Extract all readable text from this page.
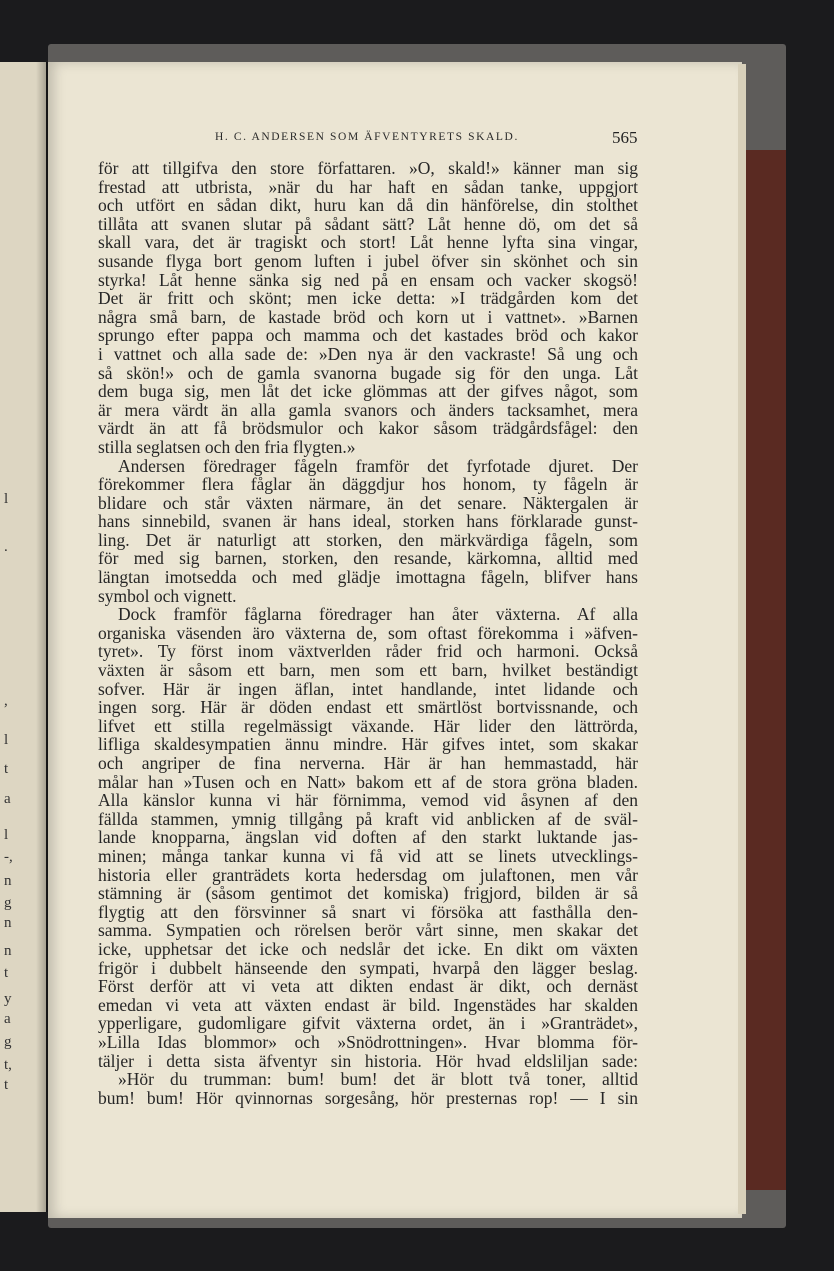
l
.
,
l
t
a
l
-,
n
g
n
n
t
y
a
g
t,
t
H. C. ANDERSEN SOM ÄFVENTYRETS SKALD.	565
för att tillgifva den store författaren. »O, skald!» känner man sig
frestad att utbrista, »när du har haft en sådan tanke, uppgjort
och utfört en sådan dikt, huru kan då din hänförelse, din stolthet
tillåta att svanen slutar på sådant sätt? Låt henne dö, om det så
skall vara, det är tragiskt och stort! Låt henne lyfta sina vingar,
susande flyga bort genom luften i jubel öfver sin skönhet och sin
styrka! Låt henne sänka sig ned på en ensam och vacker skogsö!
Det är fritt och skönt; men icke detta: »I trädgården kom det
några små barn, de kastade bröd och korn ut i vattnet». »Barnen
sprungo efter pappa och mamma och det kastades bröd och kakor
i vattnet och alla sade de: »Den nya är den vackraste! Så ung och
så skön!» och de gamla svanorna bugade sig för den unga. Låt
dem buga sig, men låt det icke glömmas att der gifves något, som
är mera värdt än alla gamla svanors och änders tacksamhet, mera
värdt än att få brödsmulor och kakor såsom trädgårdsfågel: den
stilla seglatsen och den fria flygten.»
Andersen föredrager fågeln framför det fyrfotade djuret. Der
förekommer flera fåglar än däggdjur hos honom, ty fågeln är
blidare och står växten närmare, än det senare. Näktergalen är
hans sinnebild, svanen är hans ideal, storken hans förklarade gunst-
ling. Det är naturligt att storken, den märkvärdiga fågeln, som
för med sig barnen, storken, den resande, kärkomna, alltid med
längtan imotsedda och med glädje imottagna fågeln, blifver hans
symbol och vignett.
Dock framför fåglarna föredrager han åter växterna. Af alla
organiska väsenden äro växterna de, som oftast förekomma i »äfven-
tyret». Ty först inom växtverlden råder frid och harmoni. Också
växten är såsom ett barn, men som ett barn, hvilket beständigt
sofver. Här är ingen äflan, intet handlande, intet lidande och
ingen sorg. Här är döden endast ett smärtlöst bortvissnande, och
lifvet ett stilla regelmässigt växande. Här lider den lättrörda,
lifliga skaldesympatien ännu mindre. Här gifves intet, som skakar
och angriper de fina nerverna. Här är han hemmastadd, här
målar han »Tusen och en Natt» bakom ett af de stora gröna bladen.
Alla känslor kunna vi här förnimma, vemod vid åsynen af den
fällda stammen, ymnig tillgång på kraft vid anblicken af de sväl-
lande knopparna, ängslan vid doften af den starkt luktande jas-
minen; många tankar kunna vi få vid att se linets utvecklings-
historia eller granträdets korta hedersdag om julaftonen, men vår
stämning är (såsom gentimot det komiska) frigjord, bilden är så
flygtig att den försvinner så snart vi försöka att fasthålla den-
samma. Sympatien och rörelsen berör vårt sinne, men skakar det
icke, upphetsar det icke och nedslår det icke. En dikt om växten
frigör i dubbelt hänseende den sympati, hvarpå den lägger beslag.
Först derför att vi veta att dikten endast är dikt, och dernäst
emedan vi veta att växten endast är bild. Ingenstädes har skalden
ypperligare, gudomligare gifvit växterna ordet, än i »Granträdet»,
»Lilla Idas blommor» och »Snödrottningen». Hvar blomma för-
täljer i detta sista äfventyr sin historia. Hör hvad eldsliljan sade:
»Hör du trumman: bum! bum! det är blott två toner, alltid
bum! bum! Hör qvinnornas sorgesång, hör presternas rop! — I sin
